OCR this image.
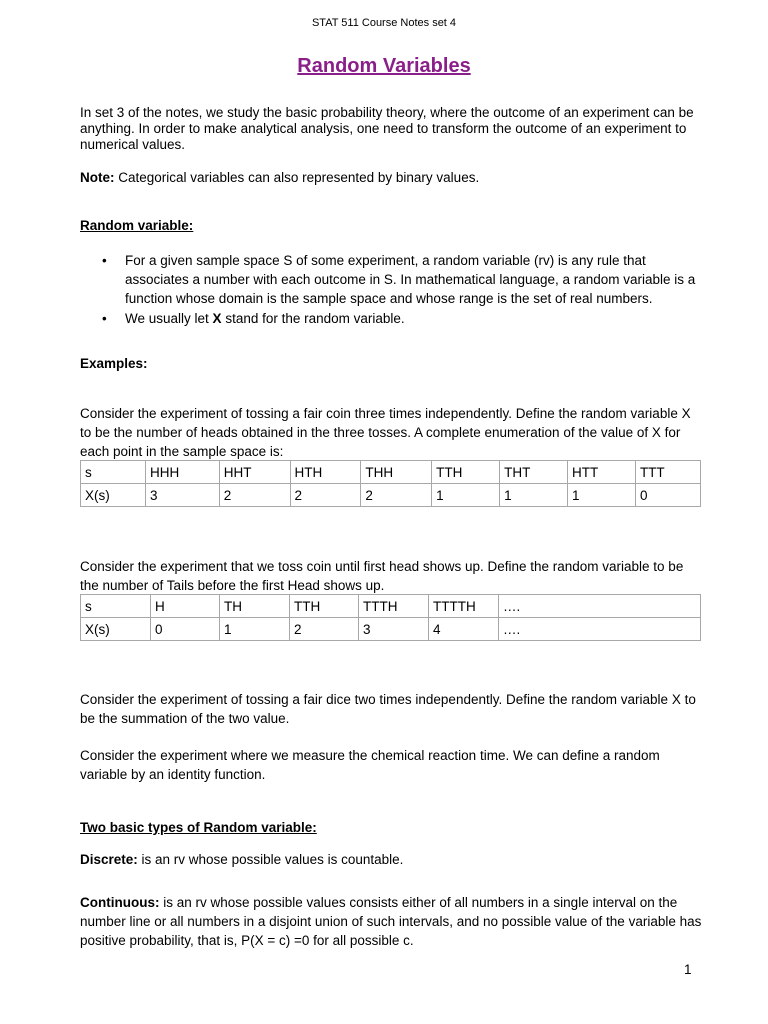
STAT 511 Course Notes set 4
Random Variables
In set 3 of the notes, we study the basic probability theory, where the outcome of an experiment can be anything. In order to make analytical analysis, one need to transform the outcome of an experiment to numerical values.
Note: Categorical variables can also represented by binary values.
Random variable:
• For a given sample space S of some experiment, a random variable (rv) is any rule that associates a number with each outcome in S. In mathematical language, a random variable is a function whose domain is the sample space and whose range is the set of real numbers.
• We usually let X stand for the random variable.
Examples:
Consider the experiment of tossing a fair coin three times independently. Define the random variable X to be the number of heads obtained in the three tosses. A complete enumeration of the value of X for each point in the sample space is:
s	HHH	HHT	HTH	THH	TTH	THT	HTT	TTT
X(s)	3	2	2	2	1	1	1	0
Consider the experiment that we toss coin until first head shows up. Define the random variable to be the number of Tails before the first Head shows up.
s	H	TH	TTH	TTTH	TTTTH	….
X(s)	0	1	2	3	4	….
Consider the experiment of tossing a fair dice two times independently. Define the random variable X to be the summation of the two value.
Consider the experiment where we measure the chemical reaction time. We can define a random variable by an identity function.
Two basic types of Random variable:
Discrete: is an rv whose possible values is countable.
Continuous: is an rv whose possible values consists either of all numbers in a single interval on the number line or all numbers in a disjoint union of such intervals, and no possible value of the variable has positive probability, that is, P(X = c) =0 for all possible c.
1
